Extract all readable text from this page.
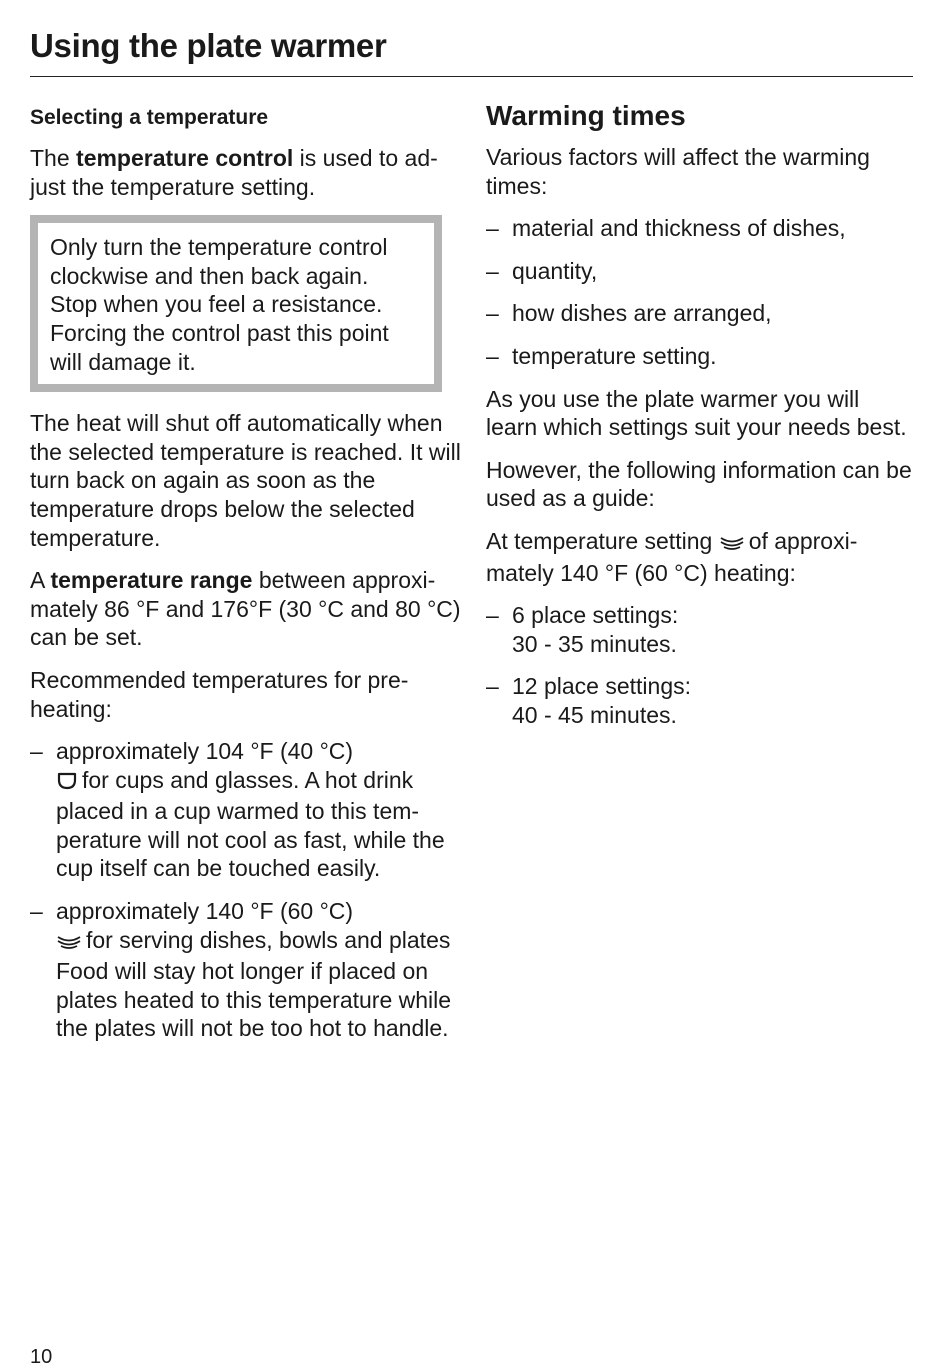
Using the plate warmer
Selecting a temperature

The temperature control is used to ad-just the temperature setting.

Only turn the temperature control clockwise and then back again. Stop when you feel a resistance. Forcing the control past this point will damage it.

The heat will shut off automatically when the selected temperature is reached. It will turn back on again as soon as the temperature drops below the selected temperature.

A temperature range between approxi-mately 86 °F and 176°F (30 °C and 80 °C) can be set.

Recommended temperatures for pre-heating:

– approximately 104 °F (40 °C)
for cups and glasses. A hot drink placed in a cup warmed to this tem-perature will not cool as fast, while the cup itself can be touched easily.
– approximately 140 °F (60 °C)
for serving dishes, bowls and plates
Food will stay hot longer if placed on plates heated to this temperature while the plates will not be too hot to handle.
Warming times

Various factors will affect the warming times:

– material and thickness of dishes,
– quantity,
– how dishes are arranged,
– temperature setting.

As you use the plate warmer you will learn which settings suit your needs best.

However, the following information can be used as a guide:

At temperature setting of approxi-mately 140 °F (60 °C) heating:

– 6 place settings:
30 - 35 minutes.
– 12 place settings:
40 - 45 minutes.
10
